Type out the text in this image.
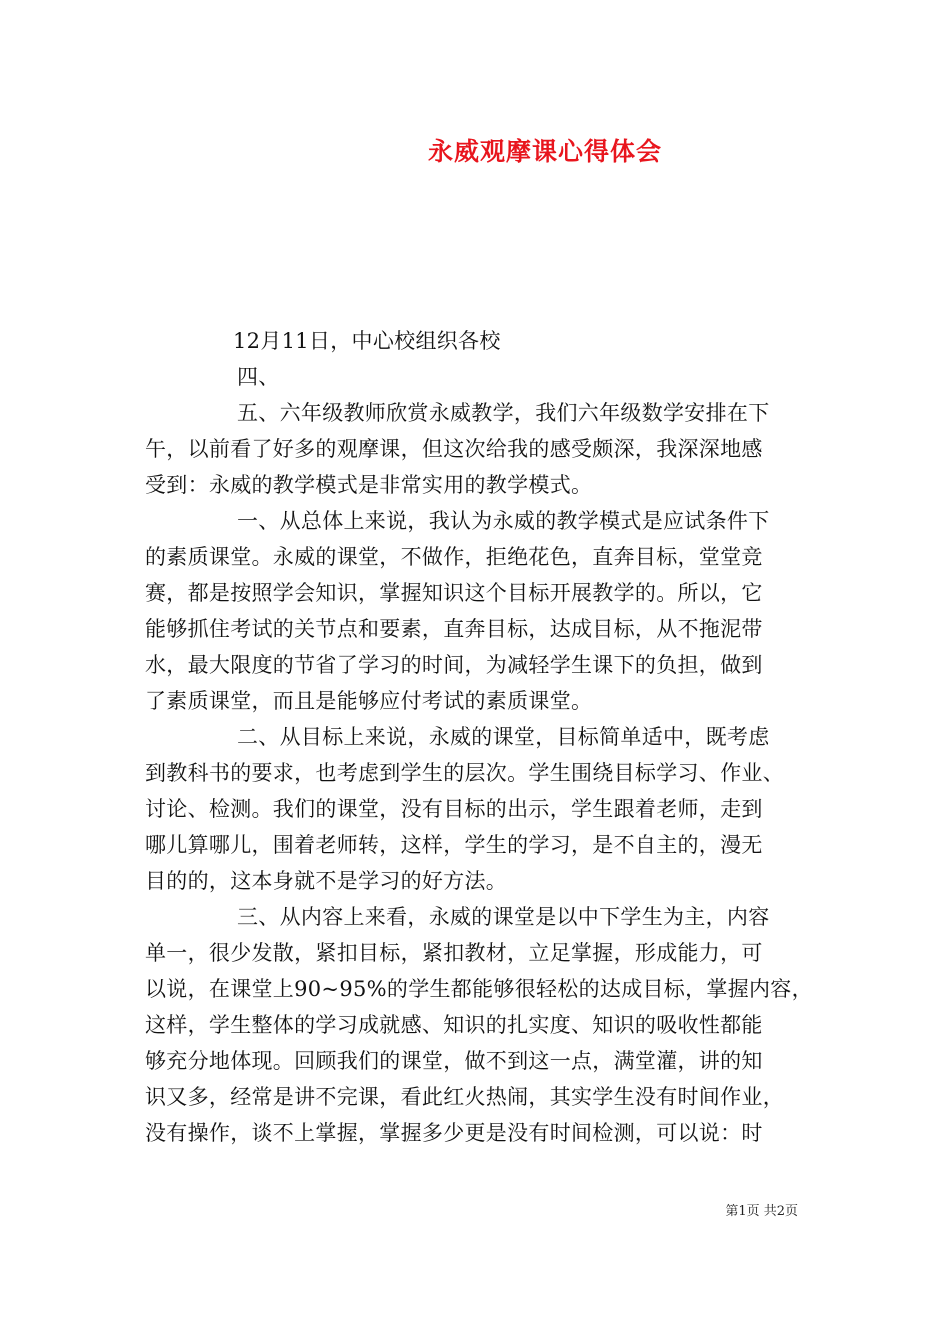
永威观摩课心得体会
12月11日，中心校组织各校
四、
五、六年级教师欣赏永威教学，我们六年级数学安排在下
午，以前看了好多的观摩课，但这次给我的感受颇深，我深深地感
受到：永威的教学模式是非常实用的教学模式。
一、从总体上来说，我认为永威的教学模式是应试条件下
的素质课堂。永威的课堂，不做作，拒绝花色，直奔目标，堂堂竞
赛，都是按照学会知识，掌握知识这个目标开展教学的。所以，它
能够抓住考试的关节点和要素，直奔目标，达成目标，从不拖泥带
水，最大限度的节省了学习的时间，为减轻学生课下的负担，做到
了素质课堂，而且是能够应付考试的素质课堂。
二、从目标上来说，永威的课堂，目标简单适中，既考虑
到教科书的要求，也考虑到学生的层次。学生围绕目标学习、作业、
讨论、检测。我们的课堂，没有目标的出示，学生跟着老师，走到
哪儿算哪儿，围着老师转，这样，学生的学习，是不自主的，漫无
目的的，这本身就不是学习的好方法。
三、从内容上来看，永威的课堂是以中下学生为主，内容
单一，很少发散，紧扣目标，紧扣教材，立足掌握，形成能力，可
以说，在课堂上90~95%的学生都能够很轻松的达成目标，掌握内容，
这样，学生整体的学习成就感、知识的扎实度、知识的吸收性都能
够充分地体现。回顾我们的课堂，做不到这一点，满堂灌，讲的知
识又多，经常是讲不完课，看此红火热闹，其实学生没有时间作业，
没有操作，谈不上掌握，掌握多少更是没有时间检测，可以说：时
第1页 共2页
